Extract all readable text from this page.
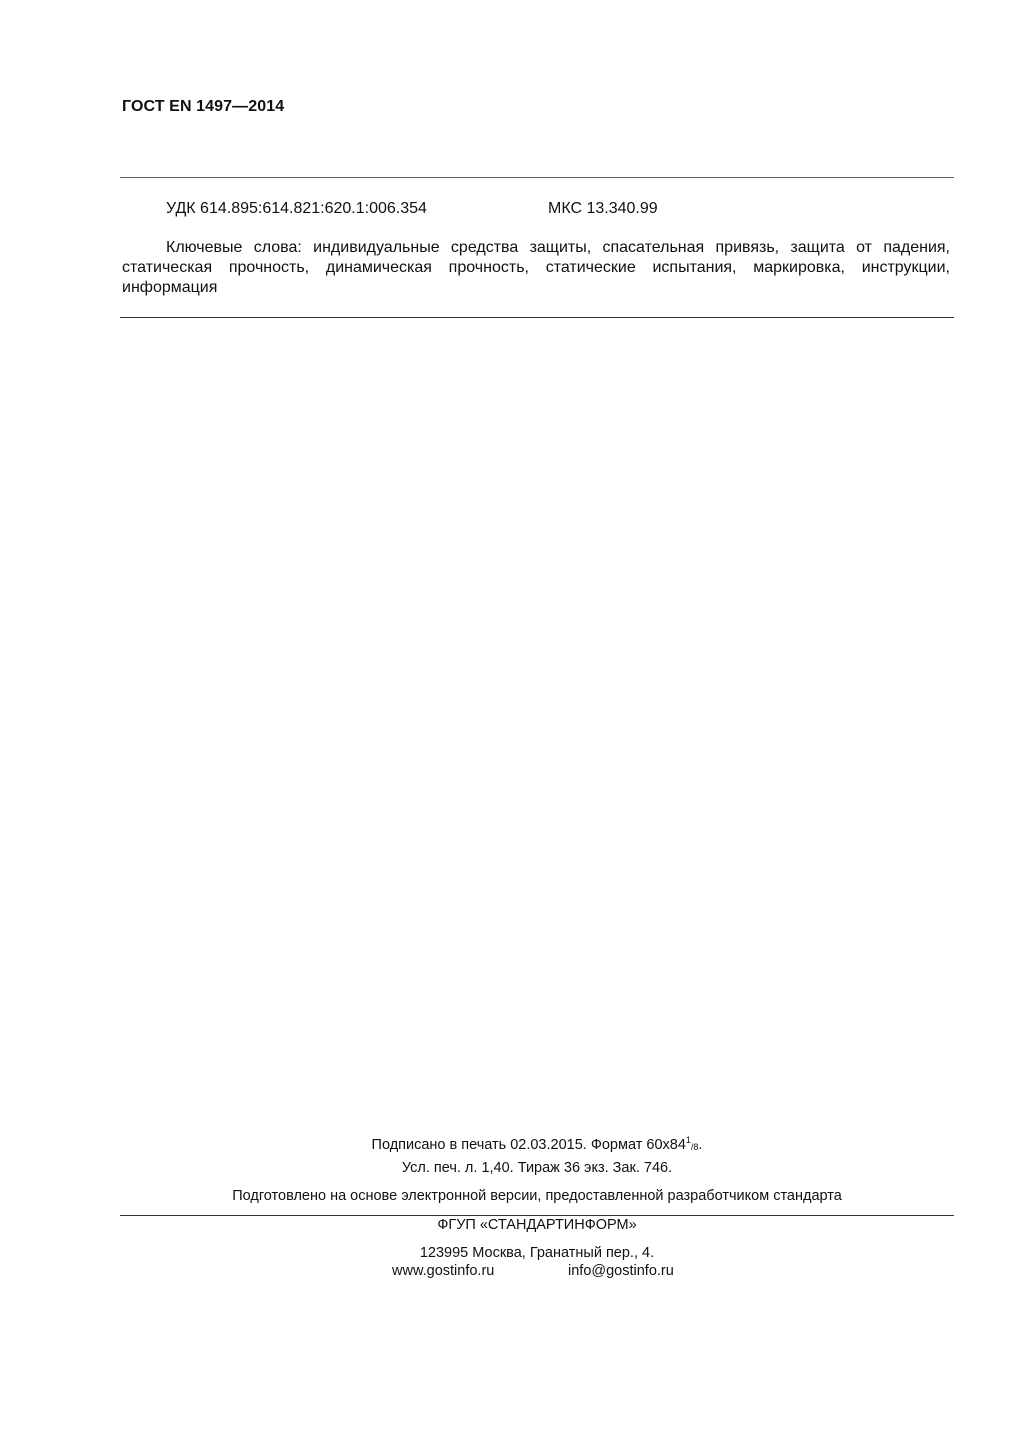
ГОСТ EN 1497—2014
УДК 614.895:614.821:620.1:006.354	МКС 13.340.99
Ключевые слова: индивидуальные средства защиты, спасательная привязь, защита от падения, статическая прочность, динамическая прочность, статические испытания, маркировка, инструкции, информация
Подписано в печать 02.03.2015. Формат $60x84^1_{/8}$.
Усл. печ. л. 1,40. Тираж 36 экз. Зак. 746.
Подготовлено на основе электронной версии, предоставленной разработчиком стандарта
ФГУП «СТАНДАРТИНФОРМ»
123995 Москва, Гранатный пер., 4.
www.gostinfo.ru	info@gostinfo.ru
